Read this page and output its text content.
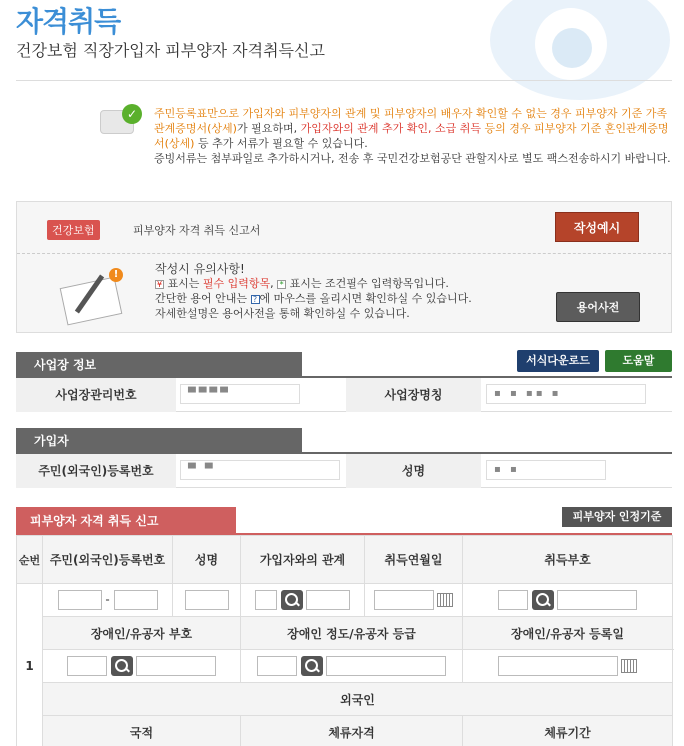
자격취득
건강보험 직장가입자 피부양자 자격취득신고
✓	주민등록표만으로 가입자와 피부양자의 관계 및 피부양자의 배우자 확인할 수 없는 경우 피부양자 기준 가족관계증명서(상세)가 필요하며, 가입자와의 관계 추가 확인, 소급 취득 등의 경우 피부양자 기준 혼인관계증명서(상세) 등 추가 서류가 필요할 수 있습니다.
증빙서류는 첨부파일로 추가하시거나, 전송 후 국민건강보험공단 관할지사로 별도 팩스전송하시기 바랍니다.
건강보험	피부양자 자격 취득 신고서	작성예시
!	작성시 유의사항!
¥ 표시는 필수 입력항목, * 표시는 조건필수 입력항목입니다.
간단한 용어 안내는 ? 에 마우스를 올리시면 확인하실 수 있습니다.
자세한설명은 용어사전을 통해 확인하실 수 있습니다.	용어사전
사업장 정보	서식다운로드	도움말
사업장관리번호	▀▀▀▀	사업장명칭	▪ ▪ ▪▪ ▪
가입자
주민(외국인)등록번호	▀ ▀	성명	▪ ▪
피부양자 자격 취득 신고	피부양자 인정기준
순번	주민(외국인)등록번호	성명	가입자와의 관계	취득연월일	취득부호
1	-				
	장애인/유공자 부호		장애인 정도/유공자 등급		장애인/유공자 등록일

	외국인				
	국적		체류자격		체류기간
